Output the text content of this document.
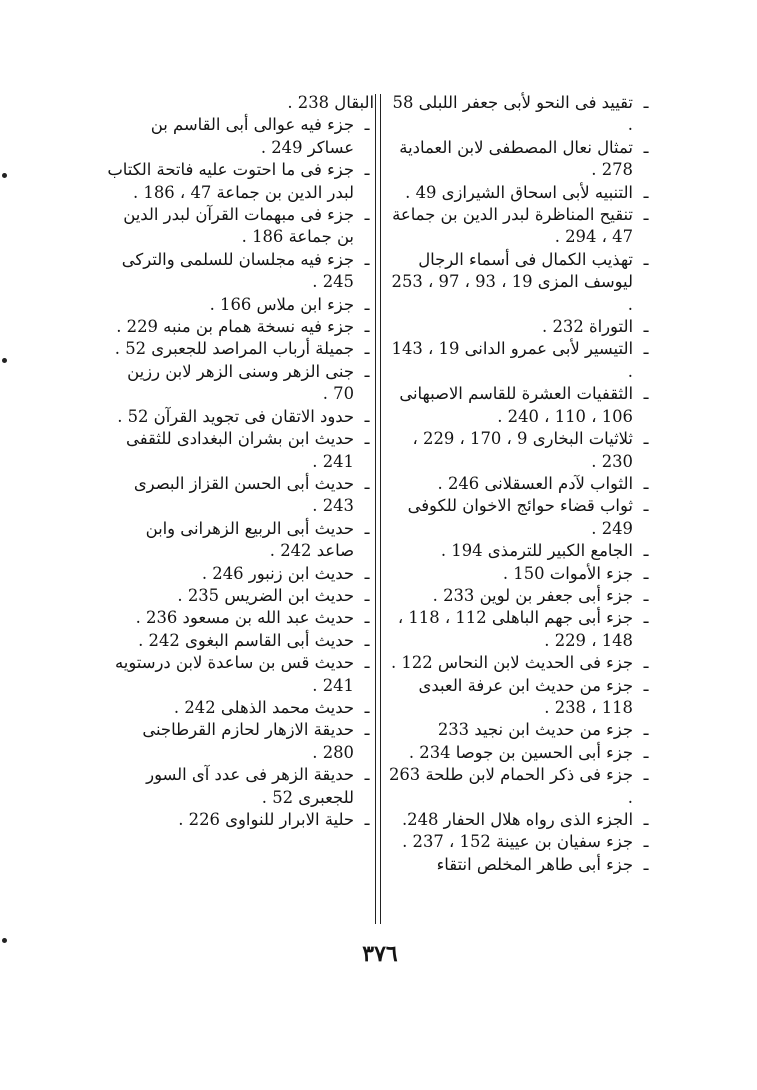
ـ
تقييد فى النحو لأبى جعفر اللبلى 58 .
ـ
تمثال نعال المصطفى لابن العمادية 278 .
ـ
التنبيه لأبى اسحاق الشيرازى 49 .
ـ
تنقيح المناظرة لبدر الدين بن جماعة 47 ، 294 .
ـ
تهذيب الكمال فى أسماء الرجال ليوسف المزى 19 ، 93 ، 97 ، 253 .
ـ
التوراة 232 .
ـ
التيسير لأبى عمرو الدانى 19 ، 143 .
ـ
الثقفيات العشرة للقاسم الاصبهانى 106 ، 110 ، 240 .
ـ
ثلاثيات البخارى 9 ، 170 ، 229 ، 230 .
ـ
الثواب لآدم العسقلانى 246 .
ـ
ثواب قضاء حوائج الاخوان للكوفى 249 .
ـ
الجامع الكبير للترمذى 194 .
ـ
جزء الأموات 150 .
ـ
جزء أبى جعفر بن لوين 233 .
ـ
جزء أبى جهم الباهلى 112 ، 118 ، 148 ، 229 .
ـ
جزء فى الحديث لابن النحاس 122 .
ـ
جزء من حديث ابن عرفة العبدى 118 ، 238 .
ـ
جزء من حديث ابن نجيد 233
ـ
جزء أبى الحسين بن جوصا 234 .
ـ
جزء فى ذكر الحمام لابن طلحة 263 .
ـ
الجزء الذى رواه هلال الحفار 248.
ـ
جزء سفيان بن عيينة 152 ، 237 .
ـ
جزء أبى طاهر المخلص انتقاء
البقال 238 .
ـ
جزء فيه عوالى أبى القاسم بن عساكر 249 .
ـ
جزء فى ما احتوت عليه فاتحة الكتاب لبدر الدين بن جماعة 47 ، 186 .
ـ
جزء فى مبهمات القرآن لبدر الدين بن جماعة 186 .
ـ
جزء فيه مجلسان للسلمى والتركى 245 .
ـ
جزء ابن ملاس 166 .
ـ
جزء فيه نسخة همام بن منبه 229 .
ـ
جميلة أرباب المراصد للجعبرى 52 .
ـ
جنى الزهر وسنى الزهر لابن رزين 70 .
ـ
حدود الاتقان فى تجويد القرآن 52 .
ـ
حديث ابن بشران البغدادى للثقفى 241 .
ـ
حديث أبى الحسن القزاز البصرى 243 .
ـ
حديث أبى الربيع الزهرانى وابن صاعد 242 .
ـ
حديث ابن زنبور 246 .
ـ
حديث ابن الضريس 235 .
ـ
حديث عبد الله بن مسعود 236 .
ـ
حديث أبى القاسم البغوى 242 .
ـ
حديث قس بن ساعدة لابن درستويه 241 .
ـ
حديث محمد الذهلى 242 .
ـ
حديقة الازهار لحازم القرطاجنى 280 .
ـ
حديقة الزهر فى عدد آى السور للجعبرى 52 .
ـ
حلية الابرار للنواوى 226 .
٣٧٦
